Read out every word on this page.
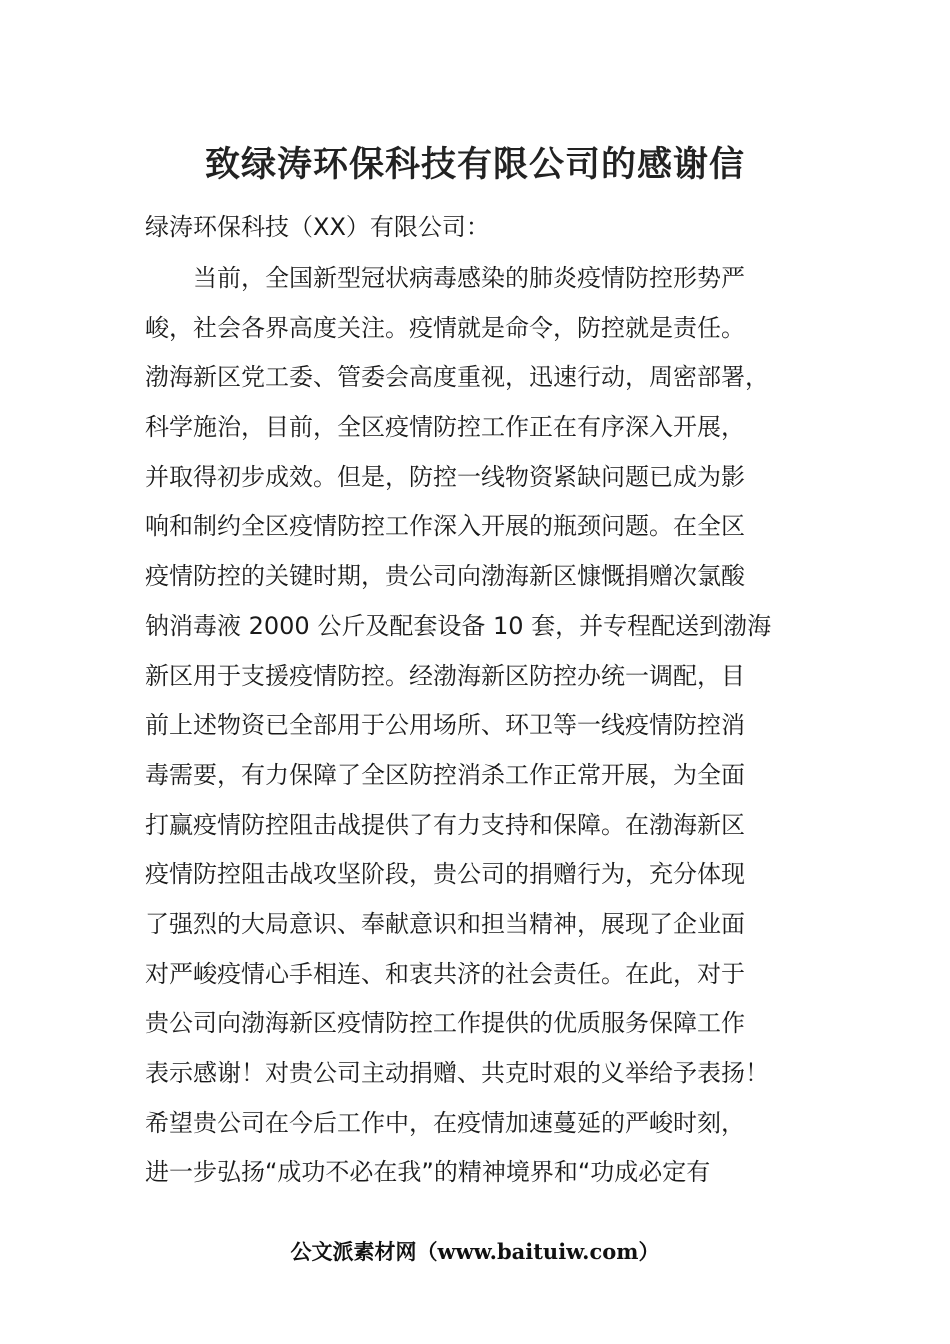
致绿涛环保科技有限公司的感谢信

绿涛环保科技（XX）有限公司：

当前，全国新型冠状病毒感染的肺炎疫情防控形势严
峻，社会各界高度关注。疫情就是命令，防控就是责任。
渤海新区党工委、管委会高度重视，迅速行动，周密部署，
科学施治，目前，全区疫情防控工作正在有序深入开展，
并取得初步成效。但是，防控一线物资紧缺问题已成为影
响和制约全区疫情防控工作深入开展的瓶颈问题。在全区
疫情防控的关键时期，贵公司向渤海新区慷慨捐赠次氯酸
钠消毒液 2000 公斤及配套设备 10 套，并专程配送到渤海
新区用于支援疫情防控。经渤海新区防控办统一调配，目
前上述物资已全部用于公用场所、环卫等一线疫情防控消
毒需要，有力保障了全区防控消杀工作正常开展，为全面
打赢疫情防控阻击战提供了有力支持和保障。在渤海新区
疫情防控阻击战攻坚阶段，贵公司的捐赠行为，充分体现
了强烈的大局意识、奉献意识和担当精神，展现了企业面
对严峻疫情心手相连、和衷共济的社会责任。在此，对于
贵公司向渤海新区疫情防控工作提供的优质服务保障工作
表示感谢！对贵公司主动捐赠、共克时艰的义举给予表扬！
希望贵公司在今后工作中，在疫情加速蔓延的严峻时刻，
进一步弘扬“成功不必在我”的精神境界和“功成必定有

公文派素材网（www.baituiw.com）
